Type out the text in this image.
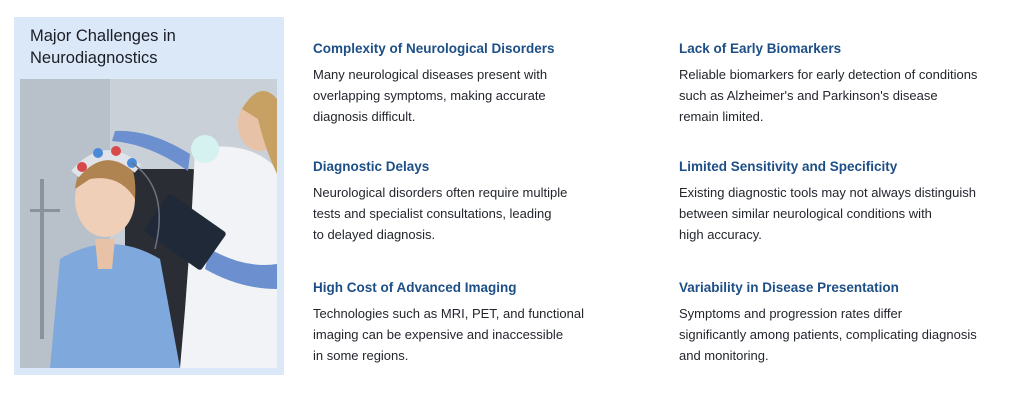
Major Challenges in
Neurodiagnostics

Complexity of Neurological Disorders

Many neurological diseases present with
overlapping symptoms, making accurate
diagnosis difficult.

Lack of Early Biomarkers

Reliable biomarkers for early detection of conditions
such as Alzheimer's and Parkinson's disease
remain limited.

Diagnostic Delays

Neurological disorders often require multiple
tests and specialist consultations, leading
to delayed diagnosis.

Limited Sensitivity and Specificity

Existing diagnostic tools may not always distinguish
between similar neurological conditions with
high accuracy.

High Cost of Advanced Imaging

Technologies such as MRI, PET, and functional
imaging can be expensive and inaccessible
in some regions.

Variability in Disease Presentation

Symptoms and progression rates differ
significantly among patients, complicating diagnosis
and monitoring.
